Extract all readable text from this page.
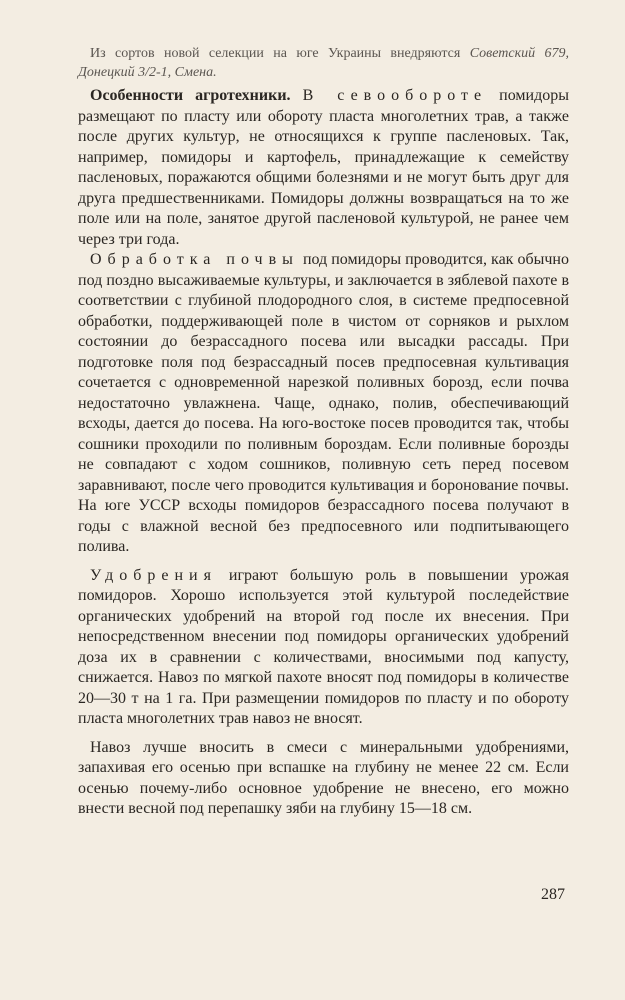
Из сортов новой селекции на юге Украины внедряются Советский 679, Донецкий 3/2-1, Смена.

Особенности агротехники. В севообороте помидоры размещают по пласту или обороту пласта многолетних трав, а также после других культур, не относящихся к группе пасленовых. Так, например, помидоры и картофель, принадлежащие к семейству пасленовых, поражаются общими болезнями и не могут быть друг для друга предшественниками. Помидоры должны возвращаться на то же поле или на поле, занятое другой пасленовой культурой, не ранее чем через три года.

Обработка почвы под помидоры проводится, как обычно под поздно высаживаемые культуры, и заключается в зяблевой пахоте в соответствии с глубиной плодородного слоя, в системе предпосевной обработки, поддерживающей поле в чистом от сорняков и рыхлом состоянии до безрассадного посева или высадки рассады. При подготовке поля под безрассадный посев предпосевная культивация сочетается с одновременной нарезкой поливных борозд, если почва недостаточно увлажнена. Чаще, однако, полив, обеспечивающий всходы, дается до посева. На юго-востоке посев проводится так, чтобы сошники проходили по поливным бороздам. Если поливные борозды не совпадают с ходом сошников, поливную сеть перед посевом заравнивают, после чего проводится культивация и боронование почвы. На юге УССР всходы помидоров безрассадного посева получают в годы с влажной весной без предпосевного или подпитывающего полива.

Удобрения играют большую роль в повышении урожая помидоров. Хорошо используется этой культурой последействие органических удобрений на второй год после их внесения. При непосредственном внесении под помидоры органических удобрений доза их в сравнении с количествами, вносимыми под капусту, снижается. Навоз по мягкой пахоте вносят под помидоры в количестве 20—30 т на 1 га. При размещении помидоров по пласту и по обороту пласта многолетних трав навоз не вносят.

Навоз лучше вносить в смеси с минеральными удобрениями, запахивая его осенью при вспашке на глубину не менее 22 см. Если осенью почему-либо основное удобрение не внесено, его можно внести весной под перепашку зяби на глубину 15—18 см.

287
